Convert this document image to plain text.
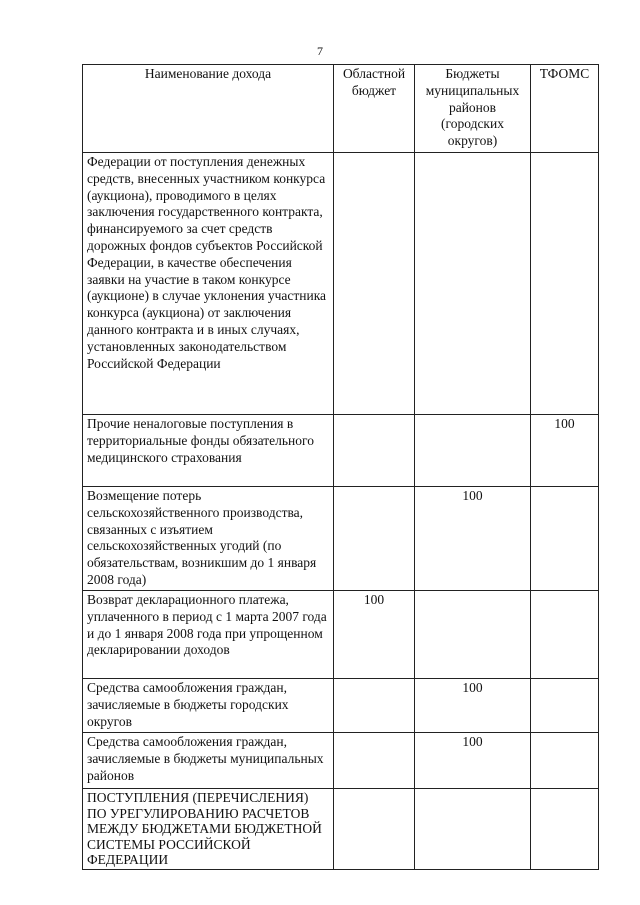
7
Наименование дохода	Областной бюджет	Бюджеты муниципальных районов (городских округов)	ТФОМС
Федерации от поступления денежных средств, внесенных участником конкурса (аукциона), проводимого в целях заключения государственного контракта, финансируемого за счет средств дорожных фондов субъектов Российской Федерации, в качестве обеспечения заявки на участие в таком конкурсе (аукционе) в случае уклонения участника конкурса (аукциона) от заключения данного контракта и в иных случаях, установленных законодательством Российской Федерации			
Прочие неналоговые поступления в территориальные фонды обязательного медицинского страхования			100
Возмещение потерь сельскохозяйственного производства, связанных с изъятием сельскохозяйственных угодий (по обязательствам, возникшим до 1 января 2008 года)		100	
Возврат декларационного платежа, уплаченного в период с 1 марта 2007 года и до 1 января 2008 года при упрощенном декларировании доходов	100		
Средства самообложения граждан, зачисляемые в бюджеты городских округов		100	
Средства самообложения граждан, зачисляемые в бюджеты муниципальных районов		100	
ПОСТУПЛЕНИЯ (ПЕРЕЧИСЛЕНИЯ) ПО УРЕГУЛИРОВАНИЮ РАСЧЕТОВ МЕЖДУ БЮДЖЕТАМИ БЮДЖЕТНОЙ СИСТЕМЫ РОССИЙСКОЙ ФЕДЕРАЦИИ			
